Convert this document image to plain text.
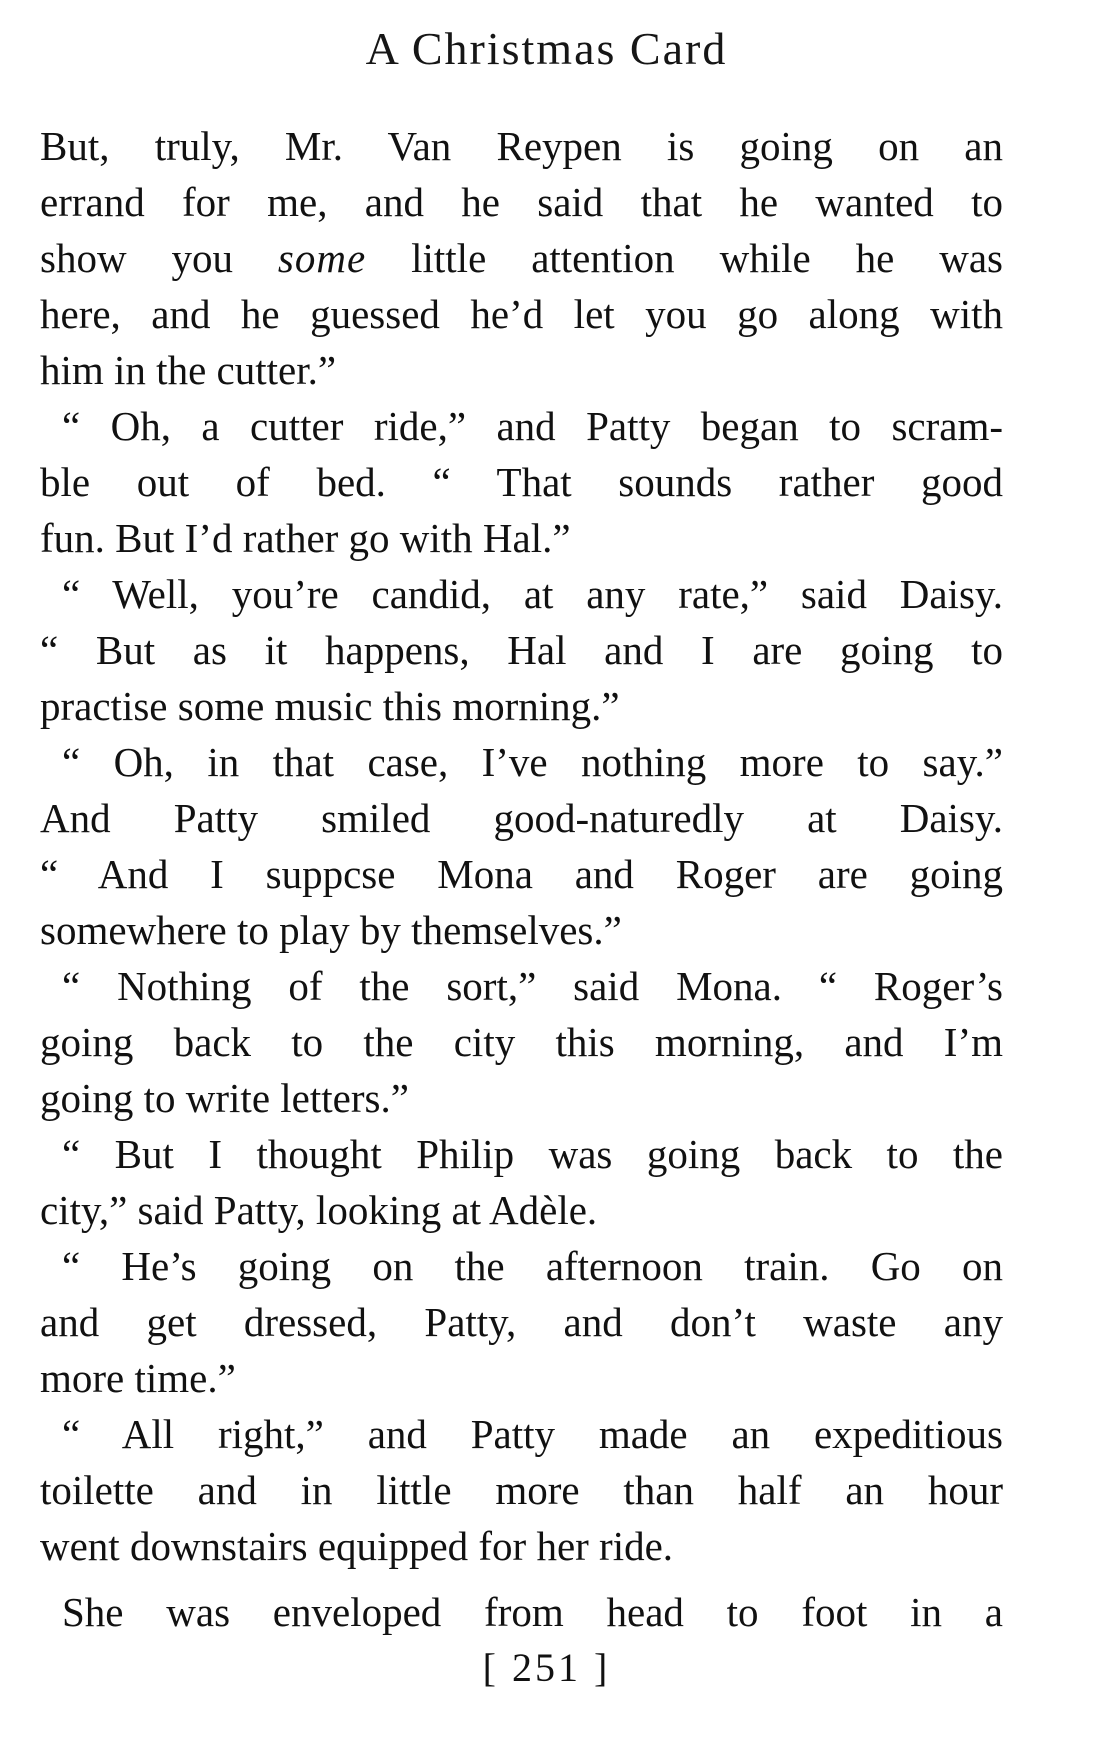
A Christmas Card
But, truly, Mr. Van Reypen is going on an
errand for me, and he said that he wanted to
show you some little attention while he was
here, and he guessed he’d let you go along with
him in the cutter.”
“ Oh, a cutter ride,” and Patty began to scram-
ble out of bed. “ That sounds rather good
fun. But I’d rather go with Hal.”
“ Well, you’re candid, at any rate,” said Daisy.
“ But as it happens, Hal and I are going to
practise some music this morning.”
“ Oh, in that case, I’ve nothing more to say.”
And Patty smiled good-naturedly at Daisy.
“ And I suppcse Mona and Roger are going
somewhere to play by themselves.”
“ Nothing of the sort,” said Mona. “ Roger’s
going back to the city this morning, and I’m
going to write letters.”
“ But I thought Philip was going back to the
city,” said Patty, looking at Adèle.
“ He’s going on the afternoon train. Go on
and get dressed, Patty, and don’t waste any
more time.”
“ All right,” and Patty made an expeditious
toilette and in little more than half an hour
went downstairs equipped for her ride.
She was enveloped from head to foot in a
[ 251 ]
